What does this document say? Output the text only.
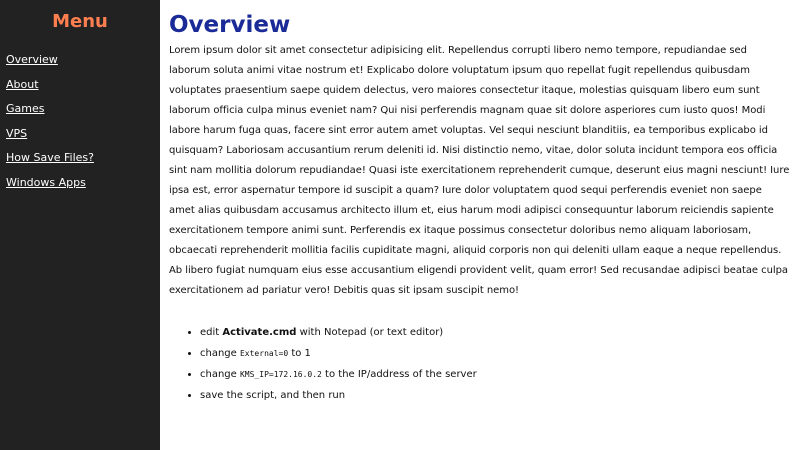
Menu
Overview
About
Games
VPS
How Save Files?
Windows Apps
Overview

Lorem ipsum dolor sit amet consectetur adipisicing elit. Repellendus corrupti libero nemo tempore, repudiandae sed laborum soluta animi vitae nostrum et! Explicabo dolore voluptatum ipsum quo repellat fugit repellendus quibusdam voluptates praesentium saepe quidem delectus, vero maiores consectetur itaque, molestias quisquam libero eum sunt laborum officia culpa minus eveniet nam? Qui nisi perferendis magnam quae sit dolore asperiores cum iusto quos! Modi labore harum fuga quas, facere sint error autem amet voluptas. Vel sequi nesciunt blanditiis, ea temporibus explicabo id quisquam? Laboriosam accusantium rerum deleniti id. Nisi distinctio nemo, vitae, dolor soluta incidunt tempora eos officia sint nam mollitia dolorum repudiandae! Quasi iste exercitationem reprehenderit cumque, deserunt eius magni nesciunt! Iure ipsa est, error aspernatur tempore id suscipit a quam? Iure dolor voluptatem quod sequi perferendis eveniet non saepe amet alias quibusdam accusamus architecto illum et, eius harum modi adipisci consequuntur laborum reiciendis sapiente exercitationem tempore animi sunt. Perferendis ex itaque possimus consectetur doloribus nemo aliquam laboriosam, obcaecati reprehenderit mollitia facilis cupiditate magni, aliquid corporis non qui deleniti ullam eaque a neque repellendus. Ab libero fugiat numquam eius esse accusantium eligendi provident velit, quam error! Sed recusandae adipisci beatae culpa exercitationem ad pariatur vero! Debitis quas sit ipsam suscipit nemo!

• edit Activate.cmd with Notepad (or text editor)
• change External=0 to 1
• change KMS_IP=172.16.0.2 to the IP/address of the server
• save the script, and then run
